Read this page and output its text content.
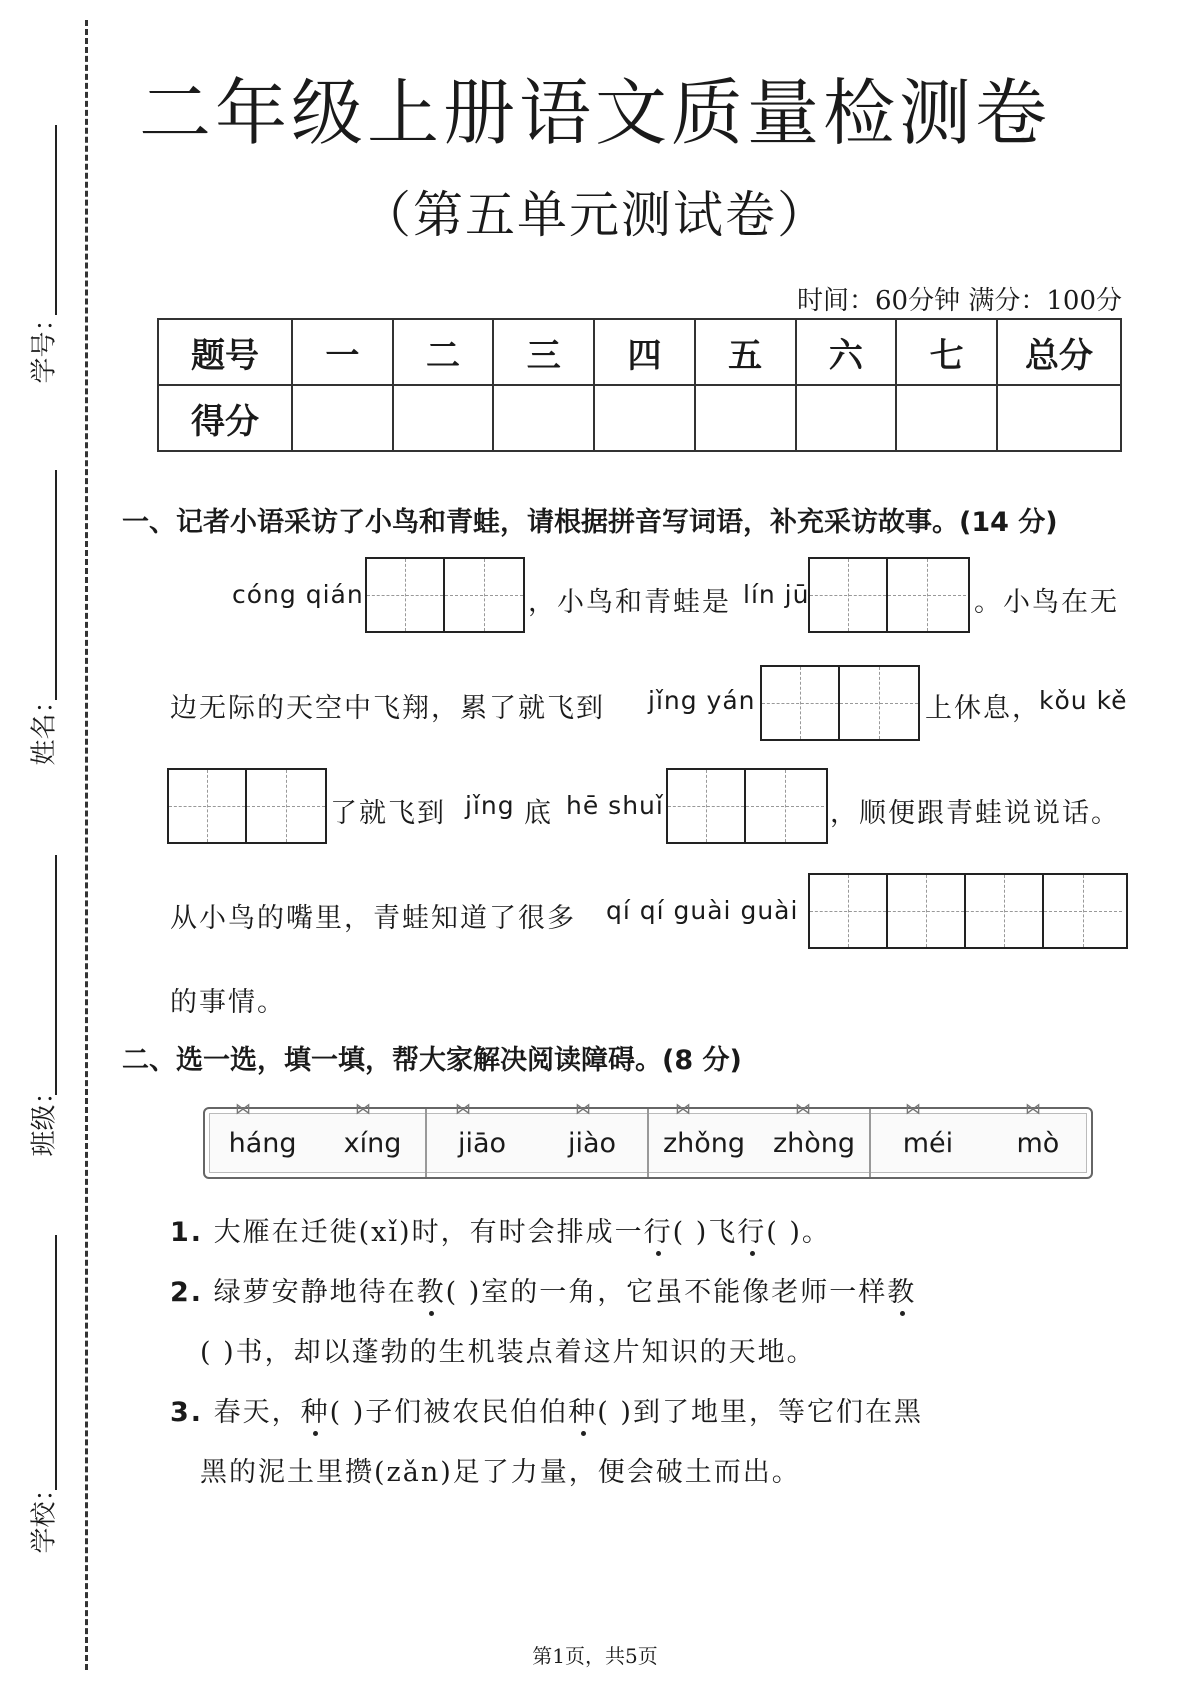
学号：
姓名：
班级：
学校：
二年级上册语文质量检测卷
（第五单元测试卷）
时间：60分钟 满分：100分
题号	一	二	三	四	五	六	七	总分
得分								
一、记者小语采访了小鸟和青蛙，请根据拼音写词语，补充采访故事。(14 分)
cóng qián	，小鸟和青蛙是 lín jū	。小鸟在无
边无际的天空中飞翔，累了就飞到 jǐng yán	上休息，
kǒu kě
了就飞到 jǐng 底 hē shuǐ	，顺便跟青蛙说说话。
从小鸟的嘴里，青蛙知道了很多 qí qí guài guài
的事情。
二、选一选，填一填，帮大家解决阅读障碍。(8 分)
⋈	⋈	⋈	⋈	⋈	⋈	⋈	⋈
háng xíng jiāo jiào zhǒng zhòng méi mò
1. 大雁在迁徙(xǐ)时，有时会排成一行( )飞行( )。
2. 绿萝安静地待在教( )室的一角，它虽不能像老师一样教
( )书，却以蓬勃的生机装点着这片知识的天地。
3. 春天，种( )子们被农民伯伯种( )到了地里，等它们在黑
黑的泥土里攒(zǎn)足了力量，便会破土而出。
第1页，共5页
